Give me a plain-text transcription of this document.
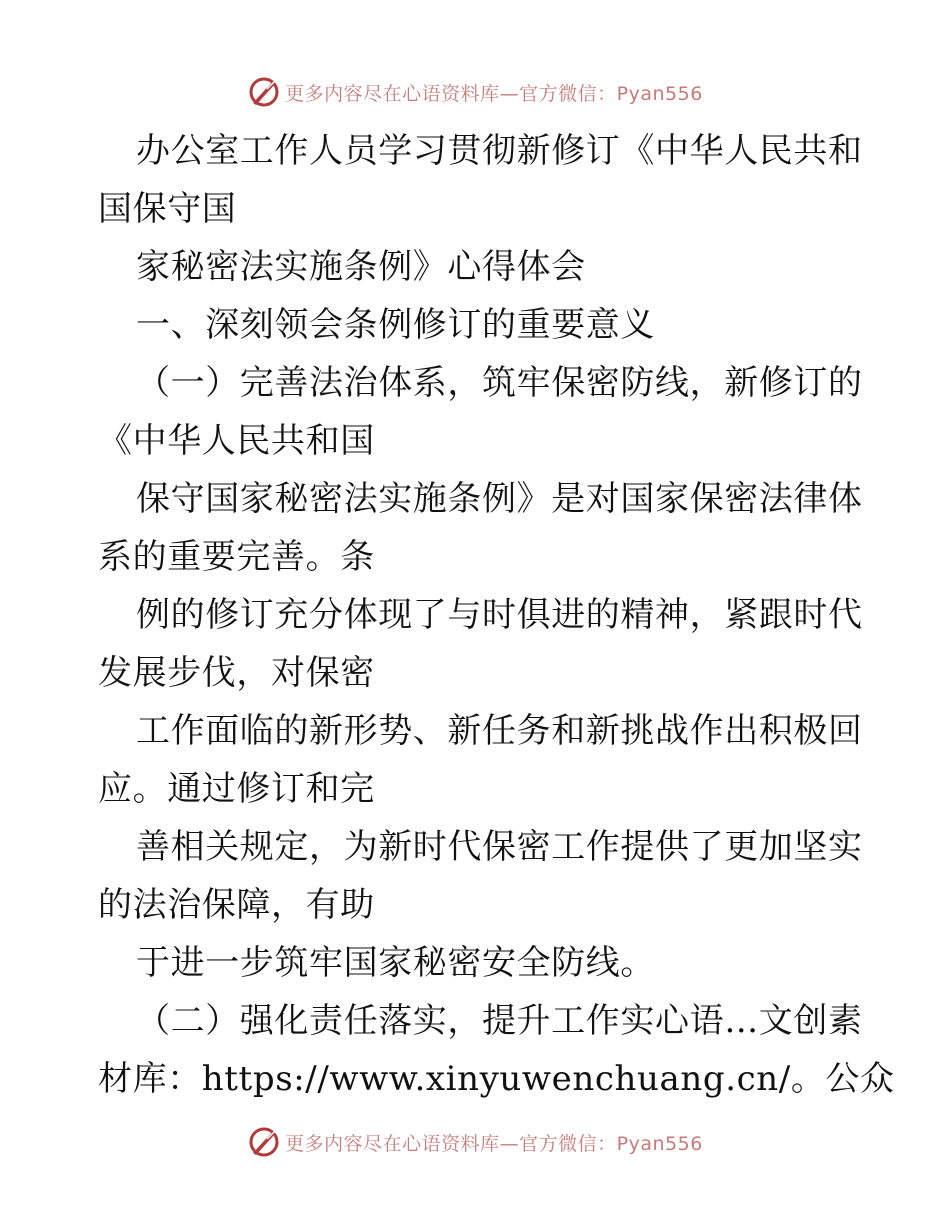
更多内容尽在心语资料库—官方微信：Pyan556
办公室工作人员学习贯彻新修订《中华人民共和
国保守国
家秘密法实施条例》心得体会
一、深刻领会条例修订的重要意义
（一）完善法治体系，筑牢保密防线，新修订的
《中华人民共和国
保守国家秘密法实施条例》是对国家保密法律体
系的重要完善。条
例的修订充分体现了与时俱进的精神，紧跟时代
发展步伐，对保密
工作面临的新形势、新任务和新挑战作出积极回
应。通过修订和完
善相关规定，为新时代保密工作提供了更加坚实
的法治保障，有助
于进一步筑牢国家秘密安全防线。
（二）强化责任落实，提升工作实心语…文创素
材库：https://www.xinyuwenchuang.cn/。公众
更多内容尽在心语资料库—官方微信：Pyan556
